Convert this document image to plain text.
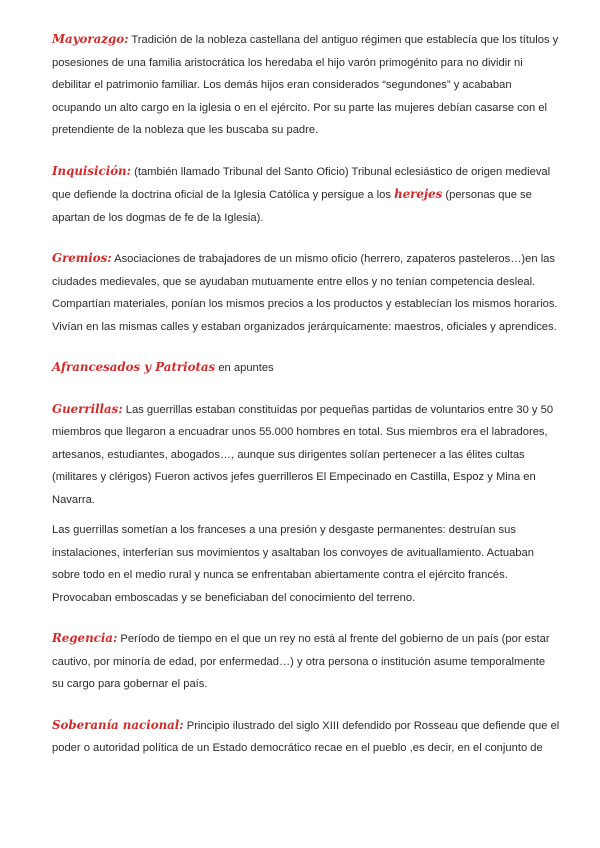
Mayorazgo: Tradición de la nobleza castellana del antiguo régimen que establecía que los títulos y posesiones de una familia aristocrática los heredaba el hijo varón primogénito para no dividir ni debilitar el patrimonio familiar. Los demás hijos eran considerados “segundones” y acababan ocupando un alto cargo en la iglesia o en el ejército. Por su parte las mujeres debían casarse con el pretendiente de la nobleza que les buscaba su padre.

Inquisición: (también llamado Tribunal del Santo Oficio) Tribunal eclesiástico de origen medieval que defiende la doctrina oficial de la Iglesia Católica y persigue a los herejes (personas que se apartan de los dogmas de fe de la Iglesia).

Gremios: Asociaciones de trabajadores de un mismo oficio (herrero, zapateros pasteleros…)en las ciudades medievales, que se ayudaban mutuamente entre ellos y no tenían competencia desleal. Compartían materiales, ponían los mismos precios a los productos y establecían los mismos horarios. Vivían en las mismas calles y estaban organizados jerárquicamente: maestros, oficiales y aprendices.

Afrancesados y Patriotas en apuntes

Guerrillas: Las guerrillas estaban constituidas por pequeñas partidas de voluntarios entre 30 y 50 miembros que llegaron a encuadrar unos 55.000 hombres en total. Sus miembros era el labradores, artesanos, estudiantes, abogados…, aunque sus dirigentes solían pertenecer a las élites cultas (militares y clérigos) Fueron activos jefes guerrilleros El Empecinado en Castilla, Espoz y Mina en Navarra.

Las guerrillas sometían a los franceses a una presión y desgaste permanentes: destruían sus instalaciones, interferían sus movimientos y asaltaban los convoyes de avituallamiento. Actuaban sobre todo en el medio rural y nunca se enfrentaban abiertamente contra el ejército francés. Provocaban emboscadas y se beneficiaban del conocimiento del terreno.

Regencia: Período de tiempo en el que un rey no está al frente del gobierno de un país (por estar cautivo, por minoría de edad, por enfermedad…) y otra persona o institución asume temporalmente su cargo para gobernar el país.

Soberanía nacional: Principio ilustrado del siglo XIII defendido por Rosseau que defiende que el poder o autoridad política de un Estado democrático recae en el pueblo ,es decir, en el conjunto de
